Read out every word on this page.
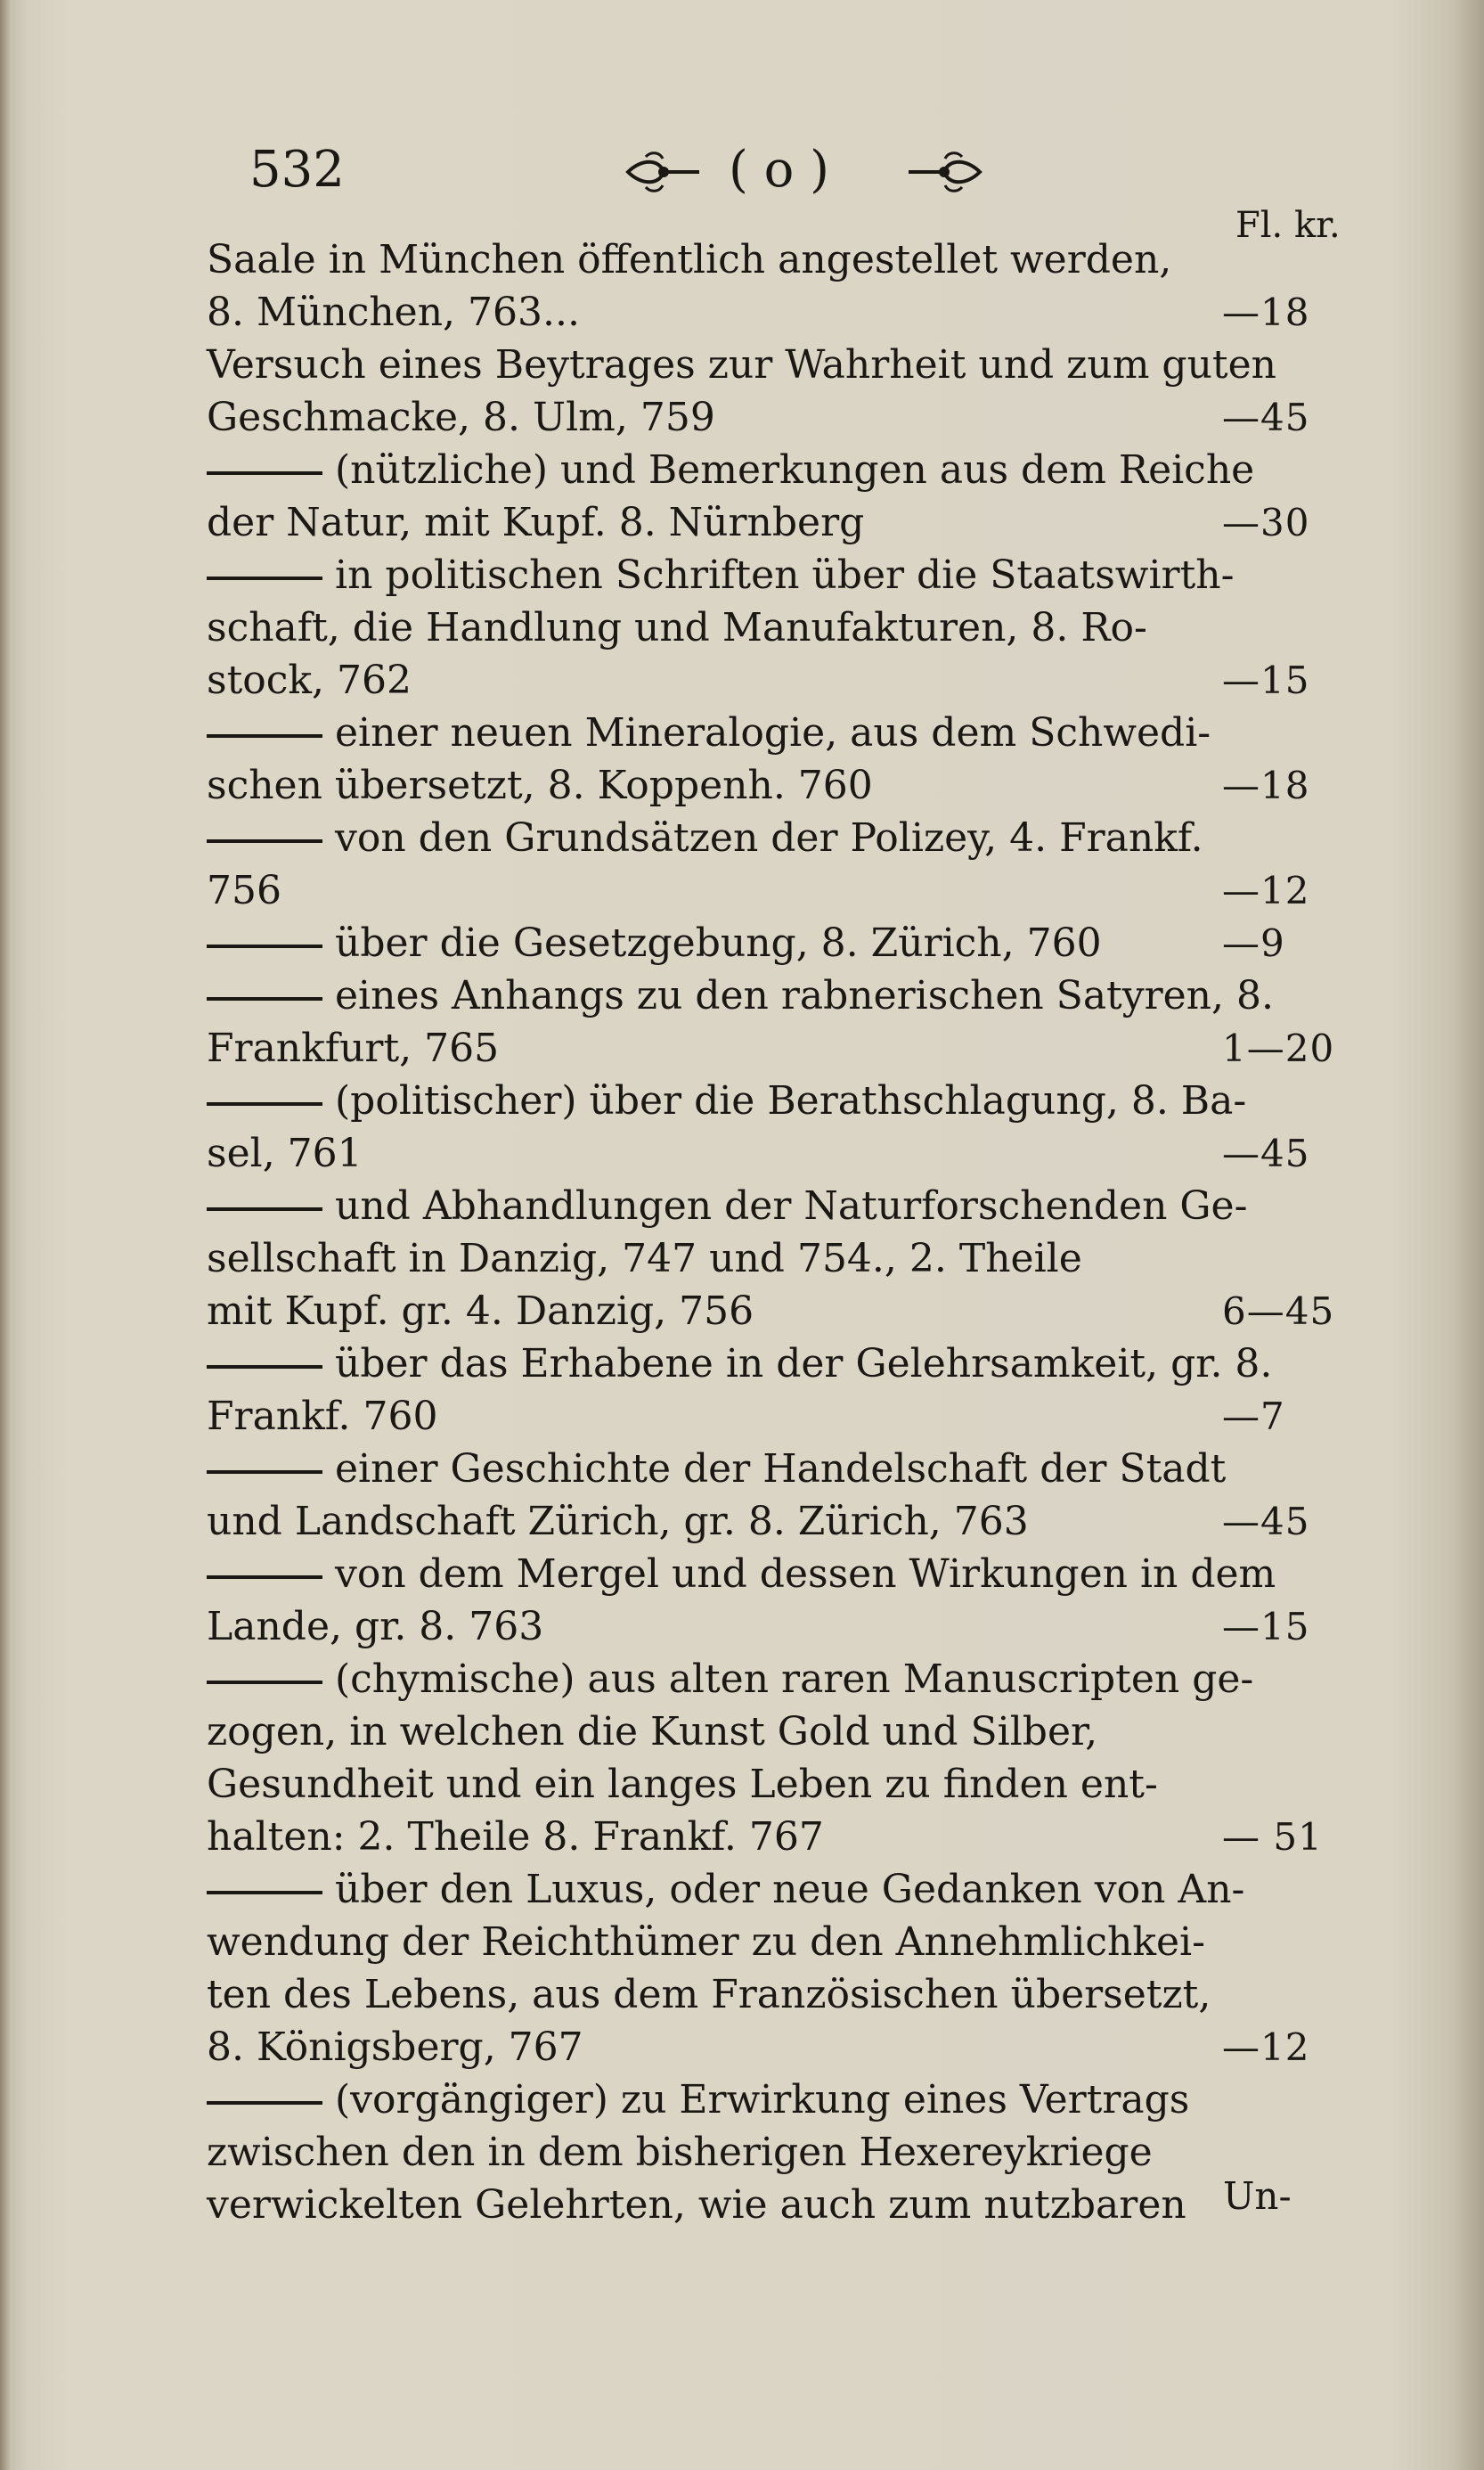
532	( o )
Fl. kr.
Saale in München öffentlich angestellet werden,
8. München, 763...	—18
Versuch eines Beytrages zur Wahrheit und zum guten
Geschmacke, 8. Ulm, 759	—45
(nützliche) und Bemerkungen aus dem Reiche
der Natur, mit Kupf. 8. Nürnberg	—30
in politischen Schriften über die Staatswirth-
schaft, die Handlung und Manufakturen, 8. Ro-
stock, 762	—15
einer neuen Mineralogie, aus dem Schwedi-
schen übersetzt, 8. Koppenh. 760	—18
von den Grundsätzen der Polizey, 4. Frankf.
756	—12
über die Gesetzgebung, 8. Zürich, 760	—9
eines Anhangs zu den rabnerischen Satyren, 8.
Frankfurt, 765	1—20
(politischer) über die Berathschlagung, 8. Ba-
sel, 761	—45
und Abhandlungen der Naturforschenden Ge-
sellschaft in Danzig, 747 und 754., 2. Theile
mit Kupf. gr. 4. Danzig, 756	6—45
über das Erhabene in der Gelehrsamkeit, gr. 8.
Frankf. 760	—7
einer Geschichte der Handelschaft der Stadt
und Landschaft Zürich, gr. 8. Zürich, 763	—45
von dem Mergel und dessen Wirkungen in dem
Lande, gr. 8. 763	—15
(chymische) aus alten raren Manuscripten ge-
zogen, in welchen die Kunst Gold und Silber,
Gesundheit und ein langes Leben zu finden ent-
halten: 2. Theile 8. Frankf. 767	— 51
über den Luxus, oder neue Gedanken von An-
wendung der Reichthümer zu den Annehmlichkei-
ten des Lebens, aus dem Französischen übersetzt,
8. Königsberg, 767	—12
(vorgängiger) zu Erwirkung eines Vertrags
zwischen den in dem bisherigen Hexereykriege
verwickelten Gelehrten, wie auch zum nutzbaren Un-
